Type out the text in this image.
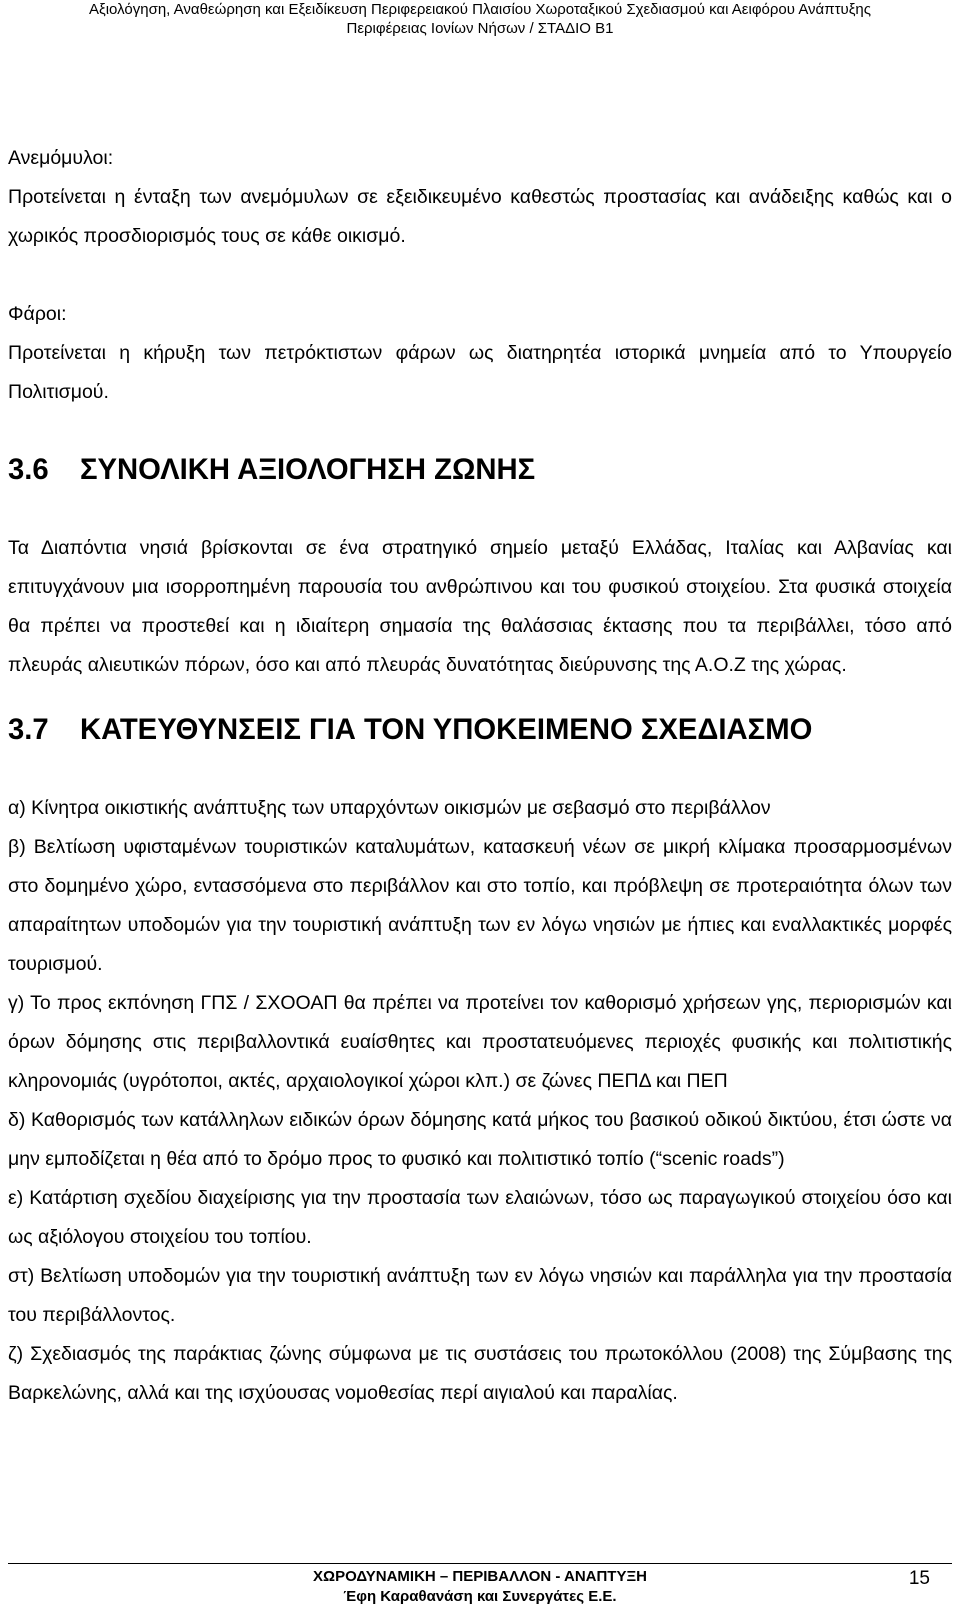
Αξιολόγηση, Αναθεώρηση και Εξειδίκευση Περιφερειακού Πλαισίου Χωροταξικού Σχεδιασμού και Αειφόρου Ανάπτυξης
Περιφέρειας Ιονίων Νήσων / ΣΤΑΔΙΟ Β1

Ανεμόμυλοι:

Προτείνεται η ένταξη των ανεμόμυλων σε εξειδικευμένο καθεστώς προστασίας και ανάδειξης καθώς και ο χωρικός προσδιορισμός τους σε κάθε οικισμό.

Φάροι:

Προτείνεται η κήρυξη των πετρόκτιστων φάρων ως διατηρητέα ιστορικά μνημεία από το Υπουργείο Πολιτισμού.

3.6 ΣΥΝΟΛΙΚΗ ΑΞΙΟΛΟΓΗΣΗ ΖΩΝΗΣ

Τα Διαπόντια νησιά βρίσκονται σε ένα στρατηγικό σημείο μεταξύ Ελλάδας, Ιταλίας και Αλβανίας και επιτυγχάνουν μια ισορροπημένη παρουσία του ανθρώπινου και του φυσικού στοιχείου. Στα φυσικά στοιχεία θα πρέπει να προστεθεί και η ιδιαίτερη σημασία της θαλάσσιας έκτασης που τα περιβάλλει, τόσο από πλευράς αλιευτικών πόρων, όσο και από πλευράς δυνατότητας διεύρυνσης της Α.Ο.Ζ της χώρας.

3.7 ΚΑΤΕΥΘΥΝΣΕΙΣ ΓΙΑ ΤΟΝ ΥΠΟΚΕΙΜΕΝΟ ΣΧΕΔΙΑΣΜΟ

α) Κίνητρα οικιστικής ανάπτυξης των υπαρχόντων οικισμών με σεβασμό στο περιβάλλον

β) Βελτίωση υφισταμένων τουριστικών καταλυμάτων, κατασκευή νέων σε μικρή κλίμακα προσαρμοσμένων στο δομημένο χώρο, εντασσόμενα στο περιβάλλον και στο τοπίο, και πρόβλεψη σε προτεραιότητα όλων των απαραίτητων υποδομών για την τουριστική ανάπτυξη των εν λόγω νησιών με ήπιες και εναλλακτικές μορφές τουρισμού.

γ) Το προς εκπόνηση ΓΠΣ / ΣΧΟΟΑΠ θα πρέπει να προτείνει τον καθορισμό χρήσεων γης, περιορισμών και όρων δόμησης στις περιβαλλοντικά ευαίσθητες και προστατευόμενες περιοχές φυσικής και πολιτιστικής κληρονομιάς (υγρότοποι, ακτές, αρχαιολογικοί χώροι κλπ.) σε ζώνες ΠΕΠΔ και ΠΕΠ

δ) Καθορισμός των κατάλληλων ειδικών όρων δόμησης κατά μήκος του βασικού οδικού δικτύου, έτσι ώστε να μην εμποδίζεται η θέα από το δρόμο προς το φυσικό και πολιτιστικό τοπίο (“scenic roads”)

ε) Κατάρτιση σχεδίου διαχείρισης για την προστασία των ελαιώνων, τόσο ως παραγωγικού στοιχείου όσο και ως αξιόλογου στοιχείου του τοπίου.

στ) Βελτίωση υποδομών για την τουριστική ανάπτυξη των εν λόγω νησιών και παράλληλα για την προστασία του περιβάλλοντος.

ζ) Σχεδιασμός της παράκτιας ζώνης σύμφωνα με τις συστάσεις του πρωτοκόλλου (2008) της Σύμβασης της Βαρκελώνης, αλλά και της ισχύουσας νομοθεσίας περί αιγιαλού και παραλίας.

ΧΩΡΟΔΥΝΑΜΙΚΗ – ΠΕΡΙΒΑΛΛΟΝ - ΑΝΑΠΤΥΞΗ
Έφη Καραθανάση και Συνεργάτες Ε.Ε.
15
